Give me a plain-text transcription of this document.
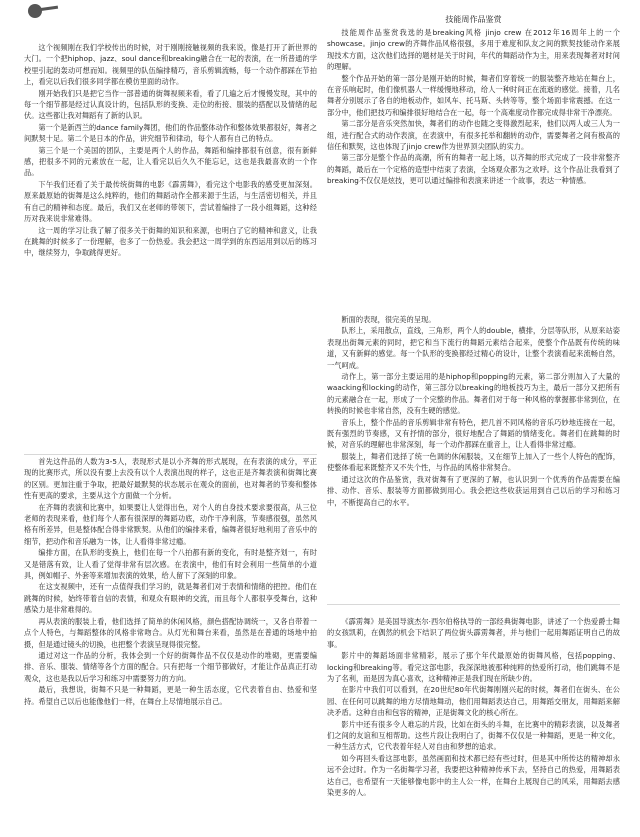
这个视频刚在我们学校传出的时候，对于刚刚接触视频的我来说，像是打开了新世界的大门。一个把hiphop、jazz、soul dance和breaking融合在一起的表演，在一所普通的学校里引起的轰动可想而知。视频里的队伍编排精巧，音乐剪辑流畅，每一个动作都踩在节拍上，看完以后我们很多同学都在模仿里面的动作。

刚开始我们只是把它当作一部普通的街舞视频来看，看了几遍之后才慢慢发现，其中的每一个细节都是经过认真设计的，包括队形的变换、走位的衔接、服装的搭配以及情绪的起伏。这些都让我对舞蹈有了新的认识。

第一个是新西兰的dance family舞团，他们的作品整体动作和整体效果都很好，舞者之间默契十足。第二个是日本的作品，讲究细节和律动，每个人都有自己的特点。

第三个是一个美国的团队，主要是两个人的作品，舞蹈和编排都很有创意，很有新鲜感，把很多不同的元素放在一起，让人看完以后久久不能忘记，这也是我最喜欢的一个作品。

下午我们还看了关于最传统街舞的电影《霹雳舞》，看完这个电影我的感受更加深刻。原来最原始的街舞是这么纯粹的，他们的舞蹈动作全都来源于生活，与生活密切相关，并且有自己的精神和态度。最后，我们又在老师的带领下，尝试着编排了一段小组舞蹈，这种经历对我来说非常难得。

这一周的学习让我了解了很多关于街舞的知识和来源，也明白了它的精神和意义，让我在跳舞的时候多了一份理解，也多了一份热爱。我会把这一周学到的东西运用到以后的练习中，继续努力，争取跳得更好。

首先这件品的人数为3-5人，表现形式是以小齐舞的形式展现，在有表演的成分，平正现的比赛形式，所以没有要上去没有以个人表演出现的样子，这也正是齐舞表演和街舞比赛的区别。更加注重于争取，把最好最默契的状态展示在观众的面前，也对舞者的节奏和整体性有更高的要求，主要从这个方面做一个分析。

在齐舞的表演和比赛中，如果要让人觉得出色，对个人的自身技术要求要很高，从三位老师的表现来看，他们每个人都有很深厚的舞蹈功底，动作干净利落，节奏感很强，虽然风格有所差异，但是整体配合得非常默契。从他们的编排来看，编舞者很好地利用了音乐中的细节，把动作和音乐融为一体，让人看得非常过瘾。

编排方面，在队形的变换上，他们在每一个八拍都有新的变化，有时是整齐划一，有时又是错落有致，让人看了觉得非常有层次感。在表演中，他们有时会利用一些简单的小道具，例如帽子、外套等来增加表演的效果，给人留下了深刻的印象。

在这支视频中，还有一点值得我们学习的，就是舞者们对于表情和情绪的把控。他们在跳舞的时候，始终带着自信的表情，和观众有眼神的交流，而且每个人都很享受舞台，这种感染力是非常难得的。

再从表演的服装上看，他们选择了简单的休闲风格，颜色搭配协调统一，又各自带着一点个人特色，与舞蹈整体的风格非常吻合。从灯光和舞台来看，虽然是在普通的场地中拍摄，但是通过镜头的切换，也把整个表演呈现得很完整。

通过对这一作品的分析，我体会到一个好的街舞作品不仅仅是动作的堆砌，更需要编排、音乐、服装、情绪等各个方面的配合。只有把每一个细节都做好，才能让作品真正打动观众，这也是我以后学习和练习中需要努力的方向。

最后，我想说，街舞不只是一种舞蹈，更是一种生活态度，它代表着自由、热爱和坚持。希望自己以后也能像他们一样，在舞台上尽情地展示自己。

技能周作品鉴赏

技能周作品鉴赏我选的是breaking风格 jinjo crew 在2012年16周年上的一个showcase。jinjo crew的齐舞作品风格很强，多用于难度和队友之间的默契技能动作来展现技术方面，这次他们选择的题材是关于时间，年代的舞蹈动作为主，用来表现舞者对时间的理解。

整个作品开始的第一部分是刚开始的时候，舞者们穿着统一的服装整齐地站在舞台上，在音乐响起时，他们像机器人一样缓慢地移动，给人一种时间正在流逝的感觉。接着，几名舞者分别展示了各自的地板动作，如风车、托马斯、头转等等，整个场面非常震撼。在这一部分中，他们把技巧和编排很好地结合在一起，每一个高难度动作都完成得非常干净漂亮。

第二部分是音乐突然加快，舞者们的动作也随之变得激烈起来，他们以两人或三人为一组，进行配合式的动作表演，在表演中，有很多托举和翻转的动作，需要舞者之间有极高的信任和默契，这也体现了jinjo crew作为世界顶尖团队的实力。

第三部分是整个作品的高潮，所有的舞者一起上场，以齐舞的形式完成了一段非常整齐的舞蹈，最后在一个定格的造型中结束了表演，全场观众都为之欢呼。这个作品让我看到了breaking不仅仅是炫技，更可以通过编排和表演来讲述一个故事，表达一种情感。

断面的表现，很完美的呈现。

队形上，采用散点，直线，三角形，两个人的double，横排，分层等队形，从原来站姿表现出街舞元素的同时，把它和当下流行的舞蹈元素结合起来，使整个作品既有传统的味道，又有新鲜的感觉。每一个队形的变换都经过精心的设计，让整个表演看起来流畅自然，一气呵成。

动作上，第一部分主要运用的是hiphop和popping的元素，第二部分则加入了大量的waacking和locking的动作，第三部分以breaking的地板技巧为主，最后一部分又把所有的元素融合在一起，形成了一个完整的作品。舞者们对于每一种风格的掌握都非常到位，在转换的时候也非常自然，没有生硬的感觉。

音乐上，整个作品的音乐剪辑非常有特色，把几首不同风格的音乐巧妙地连接在一起，既有强烈的节奏感，又有抒情的部分，很好地配合了舞蹈的情绪变化。舞者们在跳舞的时候，对音乐的理解也非常深刻，每一个动作都踩在重音上，让人看得非常过瘾。

服装上，舞者们选择了统一色调的休闲服装，又在细节上加入了一些个人特色的配饰，使整体看起来既整齐又不失个性，与作品的风格非常契合。

通过这次的作品鉴赏，我对街舞有了更深的了解，也认识到一个优秀的作品需要在编排、动作、音乐、服装等方面都做到用心。我会把这些收获运用到自己以后的学习和练习中，不断提高自己的水平。

《霹雳舞》是美国导演杰尔·西尔伯格执导的一部经典街舞电影，讲述了一个热爱爵士舞的女孩凯莉，在偶然的机会下结识了两位街头霹雳舞者，并与他们一起用舞蹈证明自己的故事。

影片中的舞蹈场面非常精彩，展示了那个年代最原始的街舞风格，包括popping、locking和breaking等。看完这部电影，我深深地被那种纯粹的热爱所打动，他们跳舞不是为了名利，而是因为真心喜欢，这种精神正是我们现在所缺少的。

在影片中我们可以看到，在20世纪80年代街舞刚刚兴起的时候，舞者们在街头、在公园、在任何可以跳舞的地方尽情地舞动，他们用舞蹈表达自己，用舞蹈交朋友，用舞蹈来解决矛盾。这种自由和包容的精神，正是街舞文化的核心所在。

影片中还有很多令人难忘的片段，比如在街头的斗舞，在比赛中的精彩表演，以及舞者们之间的友谊和互相帮助。这些片段让我明白了，街舞不仅仅是一种舞蹈，更是一种文化，一种生活方式，它代表着年轻人对自由和梦想的追求。

如今再回头看这部电影，虽然画面和技术都已经有些过时，但是其中所传达的精神却永远不会过时。作为一名街舞学习者，我要把这种精神传承下去，坚持自己的热爱，用舞蹈表达自己，也希望有一天能够像电影中的主人公一样，在舞台上展现自己的风采，用舞蹈去感染更多的人。
